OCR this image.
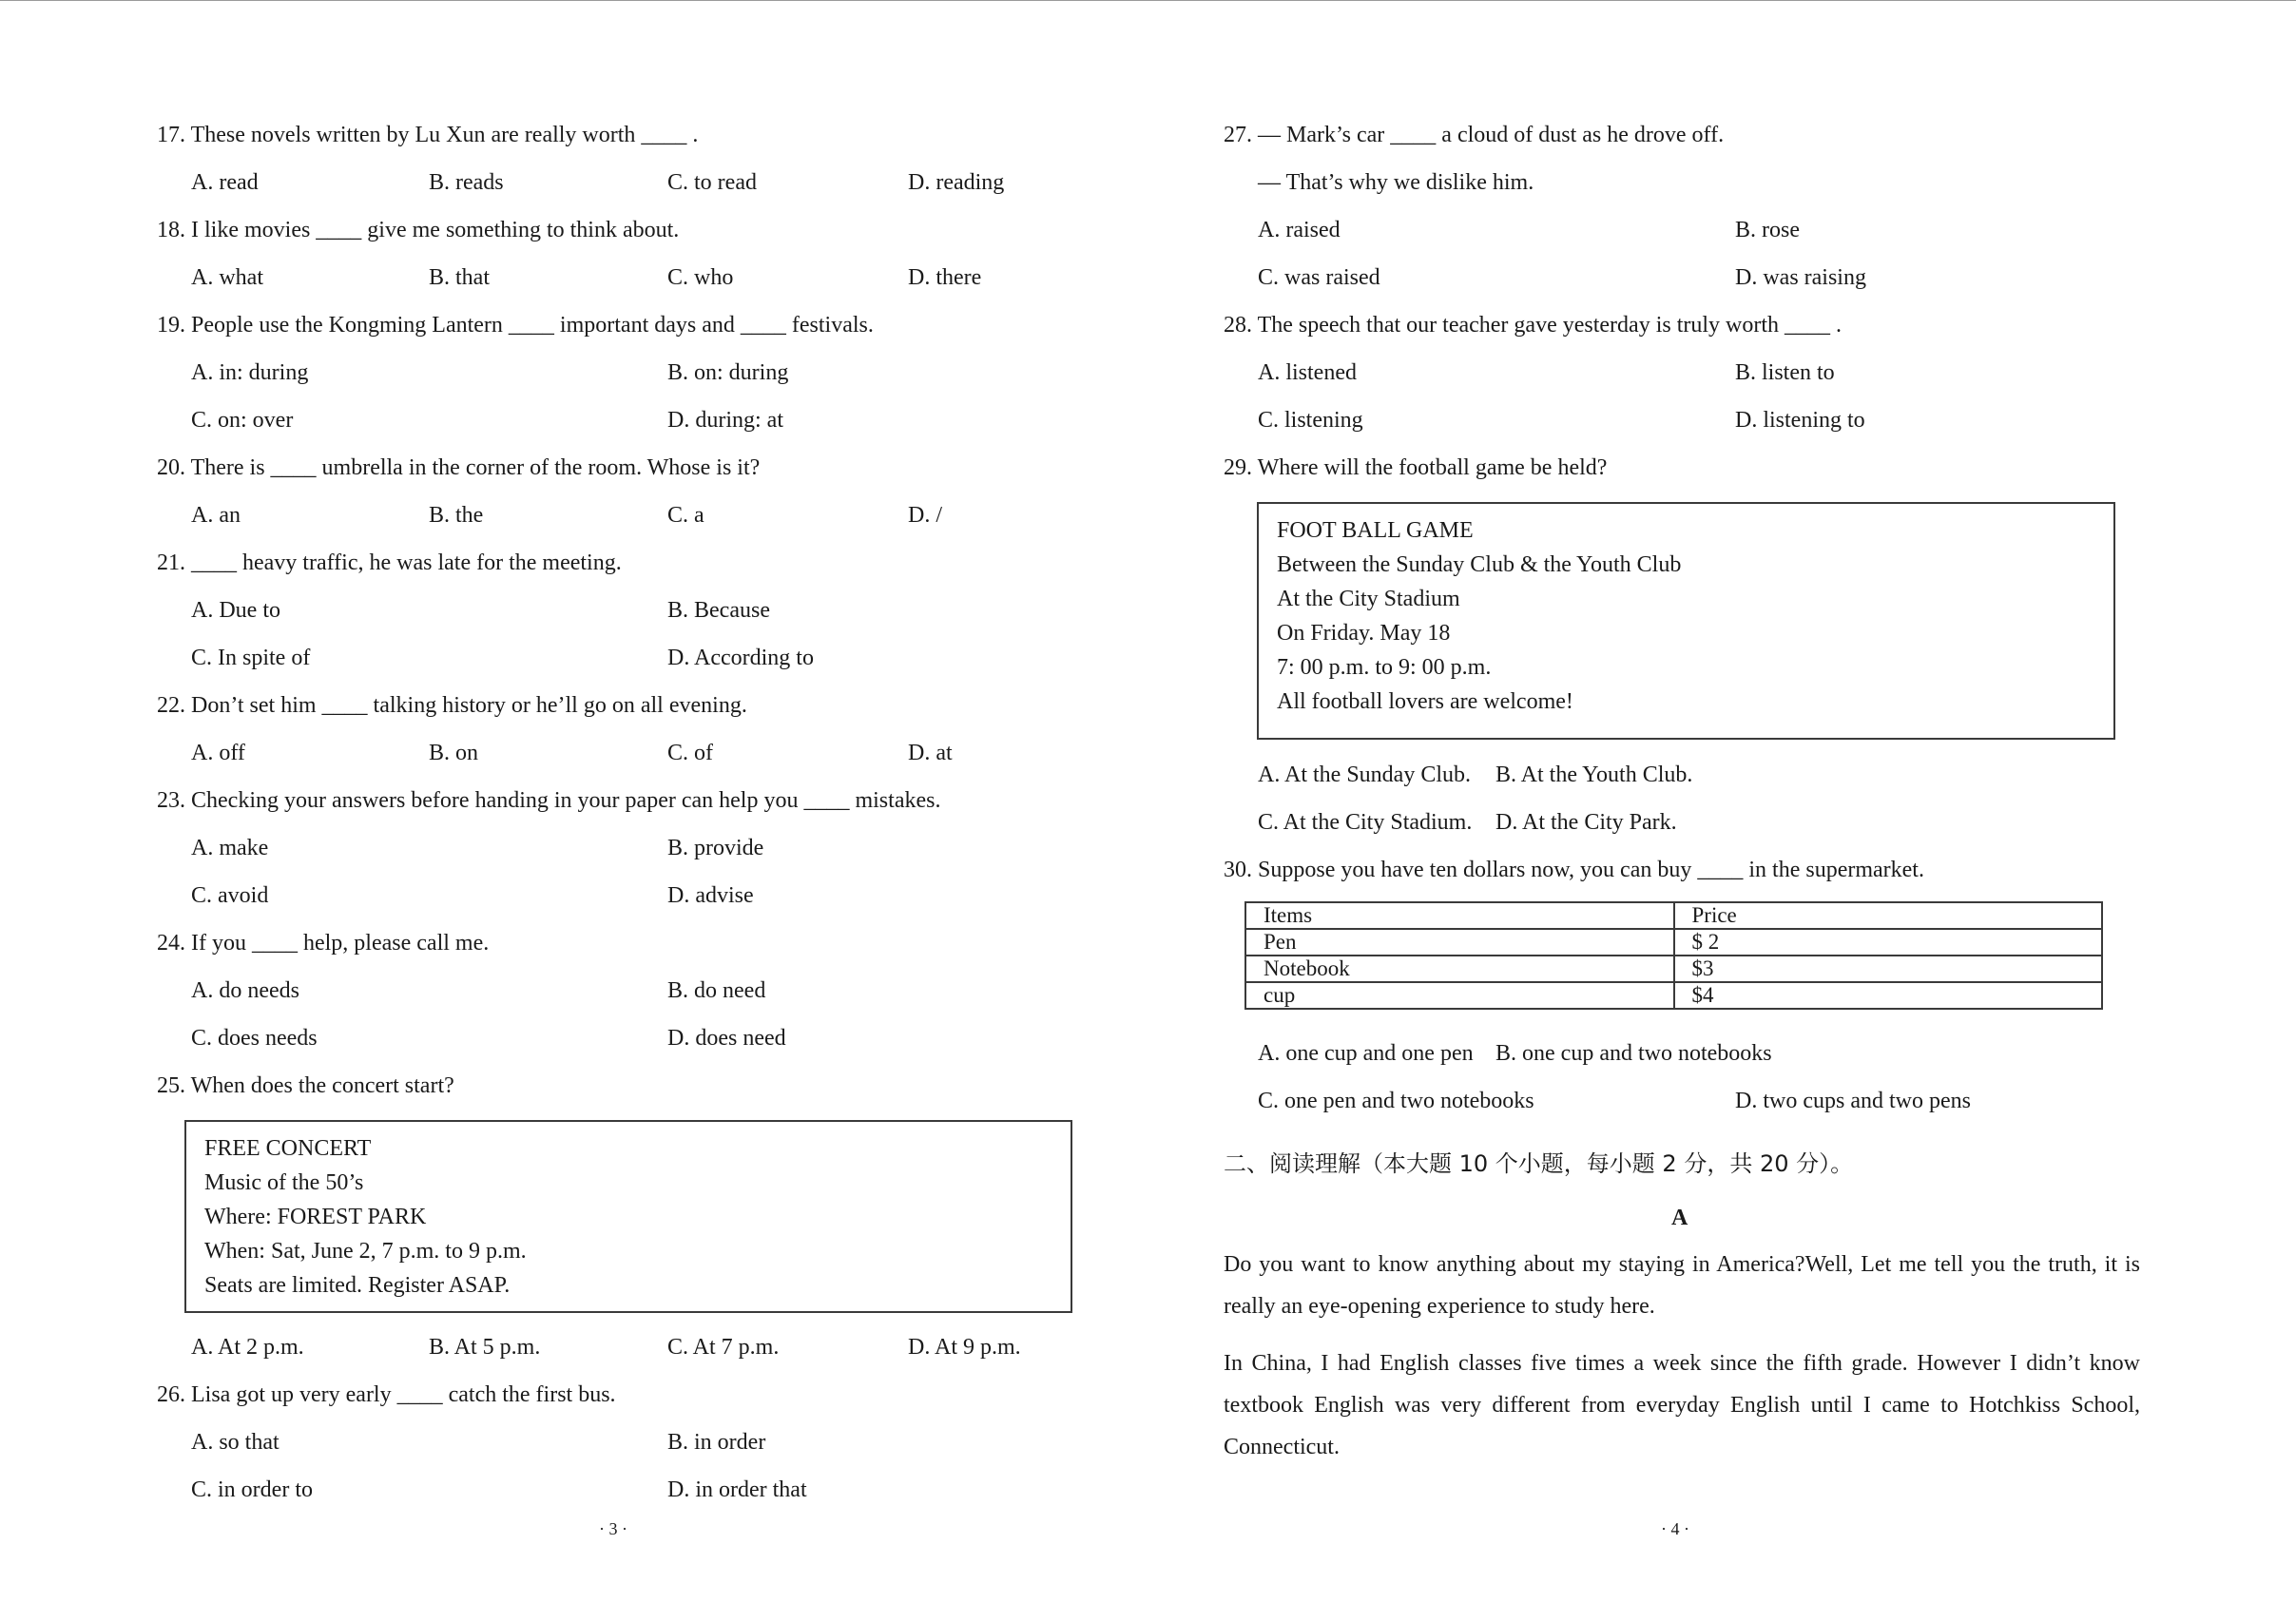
17. These novels written by Lu Xun are really worth ____ .
A. read	B. reads	C. to read	D. reading
18. I like movies ____ give me something to think about.
A. what	B. that	C. who	D. there
19. People use the Kongming Lantern ____ important days and ____ festivals.
A. in: during	B. on: during
C. on: over	D. during: at
20. There is ____ umbrella in the corner of the room. Whose is it?
A. an	B. the	C. a	D. /
21. ____ heavy traffic, he was late for the meeting.
A. Due to	B. Because
C. In spite of	D. According to
22. Don’t set him ____ talking history or he’ll go on all evening.
A. off	B. on	C. of	D. at
23. Checking your answers before handing in your paper can help you ____ mistakes.
A. make	B. provide
C. avoid	D. advise
24. If you ____ help, please call me.
A. do needs	B. do need
C. does needs	D. does need
25. When does the concert start?
FREE CONCERT
Music of the 50’s
Where: FOREST PARK
When: Sat, June 2, 7 p.m. to 9 p.m.
Seats are limited. Register ASAP.
A. At 2 p.m.	B. At 5 p.m.	C. At 7 p.m.	D. At 9 p.m.
26. Lisa got up very early ____ catch the first bus.
A. so that	B. in order
C. in order to	D. in order that
· 3 ·
27. — Mark’s car ____ a cloud of dust as he drove off.
— That’s why we dislike him.
A. raised	B. rose
C. was raised	D. was raising
28. The speech that our teacher gave yesterday is truly worth ____ .
A. listened	B. listen to
C. listening	D. listening to
29. Where will the football game be held?
FOOT BALL GAME
Between the Sunday Club & the Youth Club
At the City Stadium
On Friday. May 18
7: 00 p.m. to 9: 00 p.m.
All football lovers are welcome!
A. At the Sunday Club. B. At the Youth Club.
C. At the City Stadium. D. At the City Park.
30. Suppose you have ten dollars now, you can buy ____ in the supermarket.
Items	Price
Pen	$ 2
Notebook	$3
cup	$4
A. one cup and one pen B. one cup and two notebooks
C. one pen and two notebooks	D. two cups and two pens
二、阅读理解（本大题 10 个小题，每小题 2 分，共 20 分）。
A
Do you want to know anything about my staying in America?Well, Let me tell you the truth, it is really an eye-opening experience to study here.
In China, I had English classes five times a week since the fifth grade. However I didn’t know textbook English was very different from everyday English until I came to Hotchkiss School, Connecticut.
· 4 ·
